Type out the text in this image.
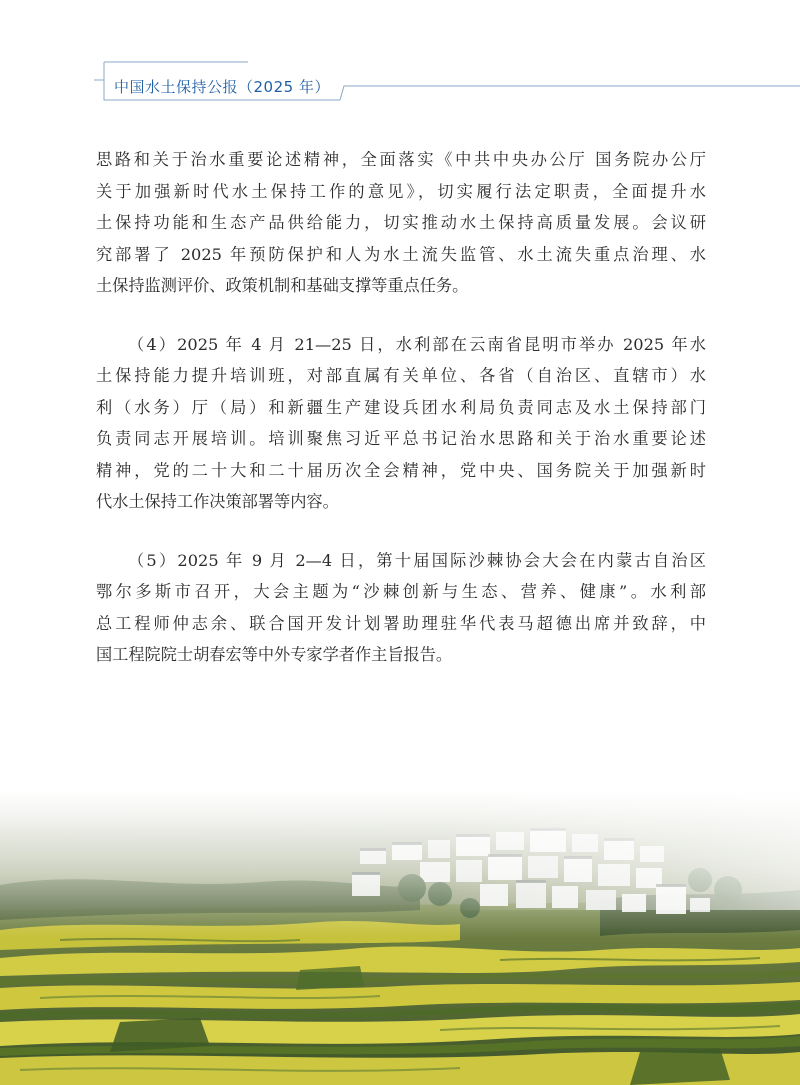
中国水土保持公报（2025 年）

思路和关于治水重要论述精神，全面落实《中共中央办公厅 国务院办公厅
关于加强新时代水土保持工作的意见》，切实履行法定职责，全面提升水
土保持功能和生态产品供给能力，切实推动水土保持高质量发展。会议研
究部署了 2025 年预防保护和人为水土流失监管、水土流失重点治理、水
土保持监测评价、政策机制和基础支撑等重点任务。

（4）2025 年 4 月 21—25 日，水利部在云南省昆明市举办 2025 年水
土保持能力提升培训班，对部直属有关单位、各省（自治区、直辖市）水
利（水务）厅（局）和新疆生产建设兵团水利局负责同志及水土保持部门
负责同志开展培训。培训聚焦习近平总书记治水思路和关于治水重要论述
精神，党的二十大和二十届历次全会精神，党中央、国务院关于加强新时
代水土保持工作决策部署等内容。

（5）2025 年 9 月 2—4 日，第十届国际沙棘协会大会在内蒙古自治区
鄂尔多斯市召开，大会主题为“沙棘创新与生态、营养、健康”。水利部
总工程师仲志余、联合国开发计划署助理驻华代表马超德出席并致辞，中
国工程院院士胡春宏等中外专家学者作主旨报告。
